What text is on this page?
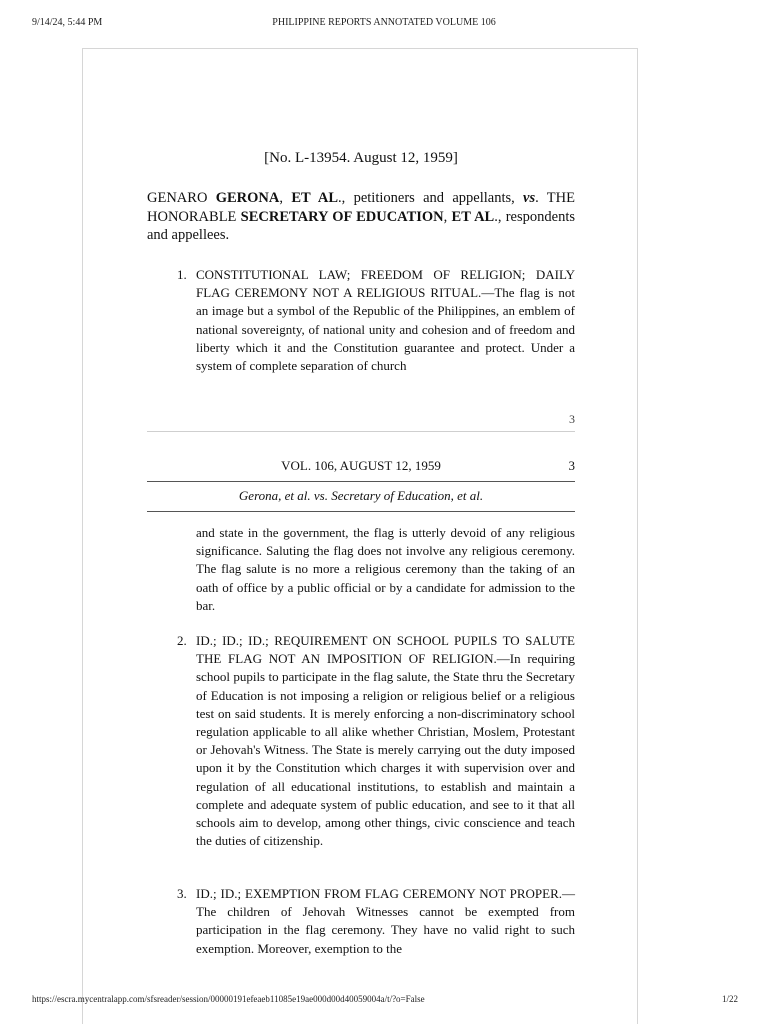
9/14/24, 5:44 PM	PHILIPPINE REPORTS ANNOTATED VOLUME 106
[No. L-13954. August 12, 1959]
GENARO GERONA, ET AL., petitioners and appellants, vs. THE HONORABLE SECRETARY OF EDUCATION, ET AL., respondents and appellees.
1. CONSTITUTIONAL LAW; FREEDOM OF RELIGION; DAILY FLAG CEREMONY NOT A RELIGIOUS RITUAL.—The flag is not an image but a symbol of the Republic of the Philippines, an emblem of national sovereignty, of national unity and cohesion and of freedom and liberty which it and the Constitution guarantee and protect. Under a system of complete separation of church
3
VOL. 106, AUGUST 12, 1959	3
Gerona, et al. vs. Secretary of Education, et al.
and state in the government, the flag is utterly devoid of any religious significance. Saluting the flag does not involve any religious ceremony. The flag salute is no more a religious ceremony than the taking of an oath of office by a public official or by a candidate for admission to the bar.
2. ID.; ID.; ID.; REQUIREMENT ON SCHOOL PUPILS TO SALUTE THE FLAG NOT AN IMPOSITION OF RELIGION.—In requiring school pupils to participate in the flag salute, the State thru the Secretary of Education is not imposing a religion or religious belief or a religious test on said students. It is merely enforcing a non-discriminatory school regulation applicable to all alike whether Christian, Moslem, Protestant or Jehovah's Witness. The State is merely carrying out the duty imposed upon it by the Constitution which charges it with supervision over and regulation of all educational institutions, to establish and maintain a complete and adequate system of public education, and see to it that all schools aim to develop, among other things, civic conscience and teach the duties of citizenship.
3. ID.; ID.; EXEMPTION FROM FLAG CEREMONY NOT PROPER.—The children of Jehovah Witnesses cannot be exempted from participation in the flag ceremony. They have no valid right to such exemption. Moreover, exemption to the
https://escra.mycentralapp.com/sfsreader/session/00000191efeaeb11085e19ae000d00d40059004a/t/?o=False	1/22
